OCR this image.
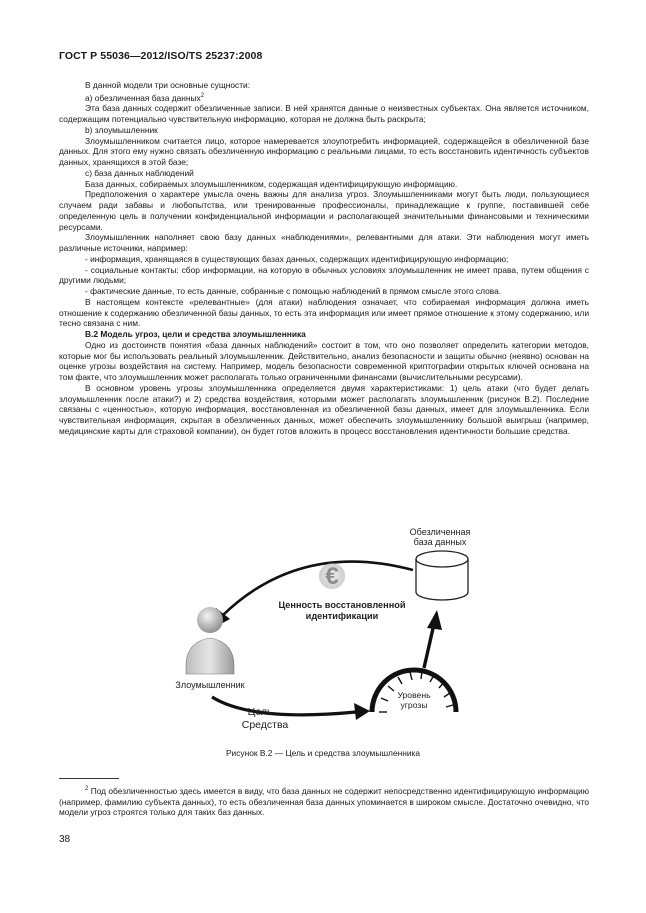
ГОСТ Р 55036—2012/ISO/TS 25237:2008

В данной модели три основные сущности:

а) обезличенная база данных$^2$

Эта база данных содержит обезличенные записи. В ней хранятся данные о неизвестных субъектах. Она является источником, содержащим потенциально чувствительную информацию, которая не должна быть раскрыта;

b) злоумышленник

Злоумышленником считается лицо, которое намеревается злоупотребить информацией, содержащейся в обезличенной базе данных. Для этого ему нужно связать обезличенную информацию с реальными лицами, то есть восстановить идентичность субъектов данных, хранящихся в этой базе;

с) база данных наблюдений

База данных, собираемых злоумышленником, содержащая идентифицирующую информацию.

Предположения о характере умысла очень важны для анализа угроз. Злоумышленниками могут быть люди, пользующиеся случаем ради забавы и любопытства, или тренированные профессионалы, принадлежащие к группе, поставившей себе определенную цель в получении конфиденциальной информации и располагающей значительными финансовыми и техническими ресурсами.

Злоумышленник наполняет свою базу данных «наблюдениями», релевантными для атаки. Эти наблюдения могут иметь различные источники, например:

- информация, хранящаяся в существующих базах данных, содержащих идентифицирующую информацию;

- социальные контакты: сбор информации, на которую в обычных условиях злоумышленник не имеет права, путем общения с другими людьми;

- фактические данные, то есть данные, собранные с помощью наблюдений в прямом смысле этого слова.

В настоящем контексте «релевантные» (для атаки) наблюдения означает, что собираемая информация должна иметь отношение к содержанию обезличенной базы данных, то есть эта информация или имеет прямое отношение к этому содержанию, или тесно связана с ним.

В.2 Модель угроз, цели и средства злоумышленника

Одно из достоинств понятия «база данных наблюдений» состоит в том, что оно позволяет определить категории методов, которые мог бы использовать реальный злоумышленник. Действительно, анализ безопасности и защиты обычно (неявно) основан на оценке угрозы воздействия на систему. Например, модель безопасности современной криптографии открытых ключей основана на том факте, что злоумышленник может располагать только ограниченными финансами (вычислительными ресурсами).

В основном уровень угрозы злоумышленника определяется двумя характеристиками: 1) цель атаки (что будет делать злоумышленник после атаки?) и 2) средства воздействия, которыми может располагать злоумышленник (рисунок В.2). Последние связаны с «ценностью», которую информация, восстановленная из обезличенной базы данных, имеет для злоумышленника. Если чувствительная информация, скрытая в обезличенных данных, может обеспечить злоумышленнику большой выигрыш (например, медицинские карты для страховой компании), он будет готов вложить в процесс восстановления идентичности большие средства.

Обезличенная
база данных
€
Ценность восстановленной
идентификации
Злоумышленник
Цель
Средства
Уровень
угрозы
Рисунок В.2 — Цель и средства злоумышленника
$^2$ Под обезличенностью здесь имеется в виду, что база данных не содержит непосредственно идентифицирующую информацию (например, фамилию субъекта данных), то есть обезличенная база данных упоминается в широком смысле. Достаточно очевидно, что модели угроз строятся только для таких баз данных.
38
